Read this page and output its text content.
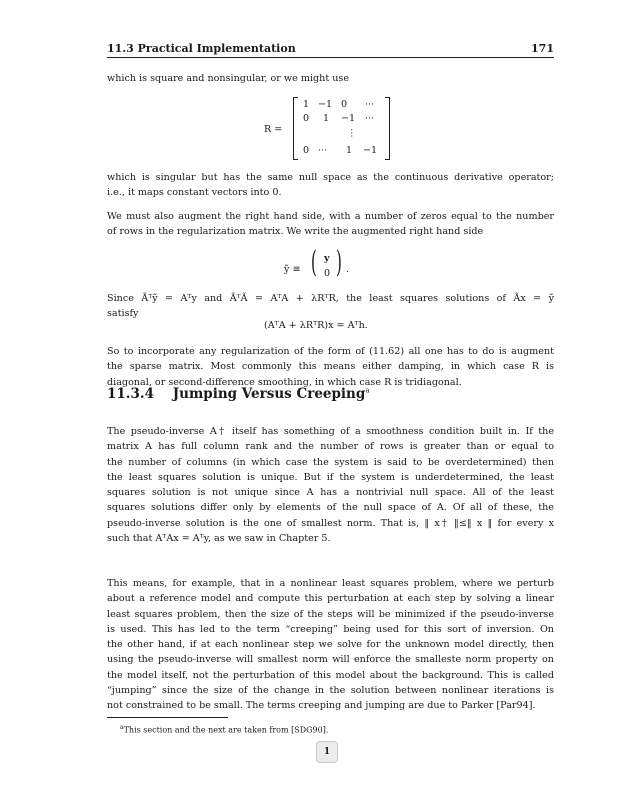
11.3 Practical Implementation	171
which is square and nonsingular, or we might use
R =
1 −1 0 ···
0 1 −1 ···
⋮
0 ··· 1 −1
which is singular but has the same null space as the continuous derivative operator;
i.e., it maps constant vectors into 0.
We must also augment the right hand side, with a number of zeros equal to the number
of rows in the regularization matrix. We write the augmented right hand side
ỹ ≡ ( y
0 ) .
Since Ãᵀỹ = Aᵀy and ÃᵀÃ = AᵀA + λRᵀR, the least squares solutions of Ãx = ỹ
satisfy
(AᵀA + λRᵀR)x = Aᵀh.
So to incorporate any regularization of the form of (11.62) all one has to do is augment
the sparse matrix. Most commonly this means either damping, in which case R is
diagonal, or second-difference smoothing, in which case R is tridiagonal.
11.3.4 Jumping Versus Creeping$^a$
The pseudo-inverse A† itself has something of a smoothness condition built in. If the
matrix A has full column rank and the number of rows is greater than or equal to
the number of columns (in which case the system is said to be overdetermined) then
the least squares solution is unique. But if the system is underdetermined, the least
squares solution is not unique since A has a nontrivial null space. All of the least
squares solutions differ only by elements of the null space of A. Of all of these, the
pseudo-inverse solution is the one of smallest norm. That is, ‖ x† ‖≤‖ x ‖ for every x
such that AᵀAx = Aᵀy, as we saw in Chapter 5.
This means, for example, that in a nonlinear least squares problem, where we perturb
about a reference model and compute this perturbation at each step by solving a linear
least squares problem, then the size of the steps will be minimized if the pseudo-inverse
is used. This has led to the term “creeping” being used for this sort of inversion. On
the other hand, if at each nonlinear step we solve for the unknown model directly, then
using the pseudo-inverse will smallest norm will enforce the smalleste norm property on
the model itself, not the perturbation of this model about the background. This is called
“jumping” since the size of the change in the solution between nonlinear iterations is
not constrained to be small. The terms creeping and jumping are due to Parker [Par94].
$^a$This section and the next are taken from [SDG90].
1
